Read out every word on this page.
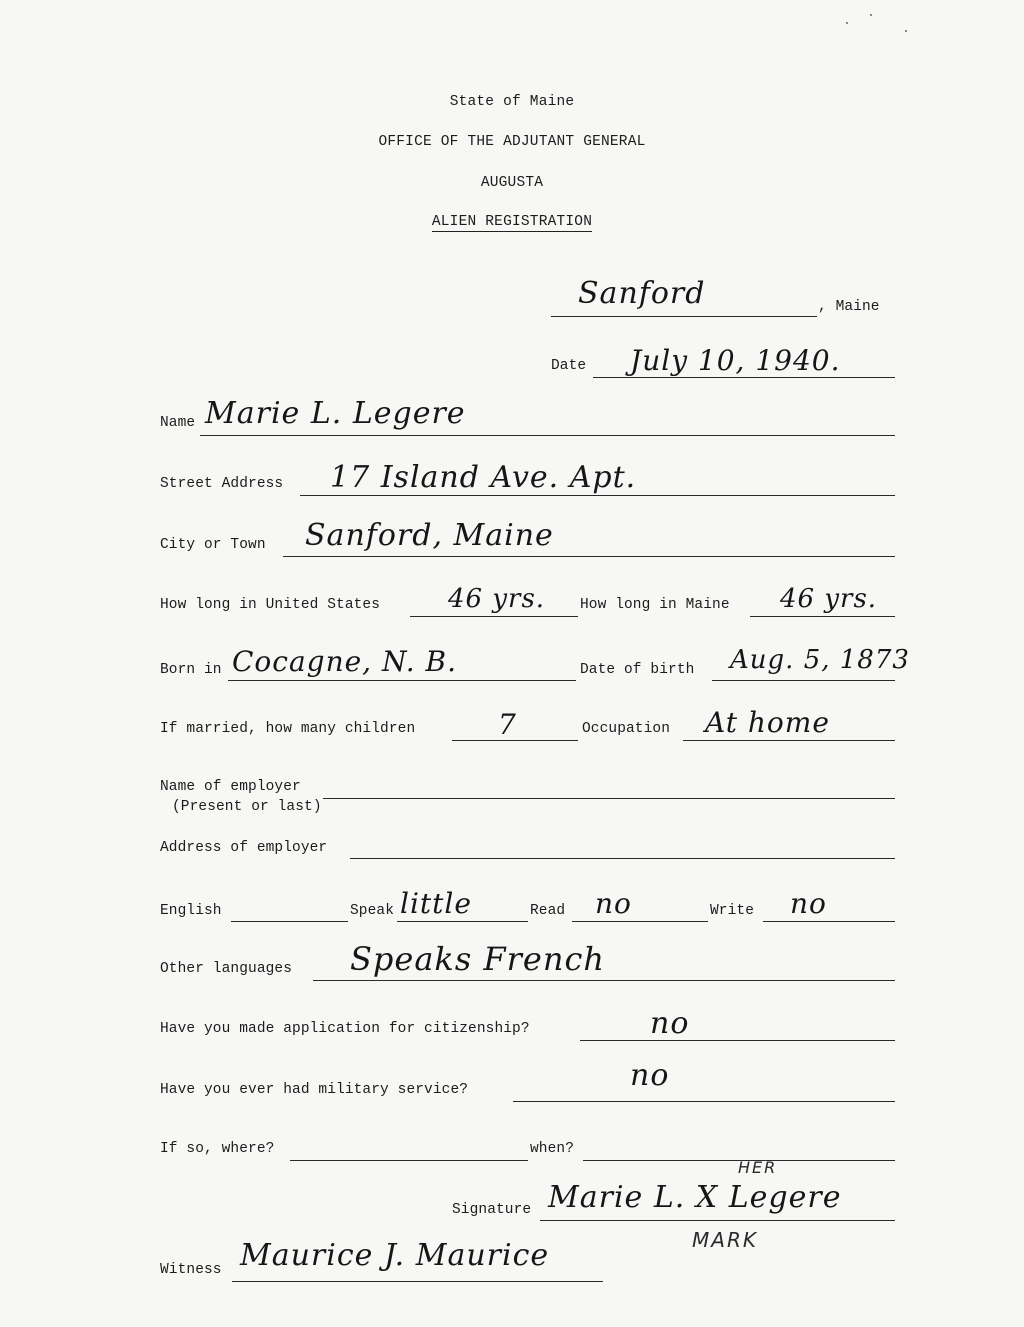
State of Maine
OFFICE OF THE ADJUTANT GENERAL
AUGUSTA
ALIEN REGISTRATION
Sanford	, Maine
Date July 10, 1940.
Name Marie L. Legere
Street Address 17 Island Ave. Apt.
City or Town Sanford, Maine
How long in United States	46 yrs. How long in Maine 46 yrs.
Born in Cocagne, N. B.	Date of birth Aug. 5, 1873
If married, how many children	7	Occupation At home
Name of employer
(Present or last)
Address of employer
English	Speak little	Read no	Write no
Other languages Speaks French
Have you made application for citizenship?	no
Have you ever had military service?	no
If so, where?	when?
HER
Signature Marie L. X Legere
MARK
Witness Maurice J. Maurice
